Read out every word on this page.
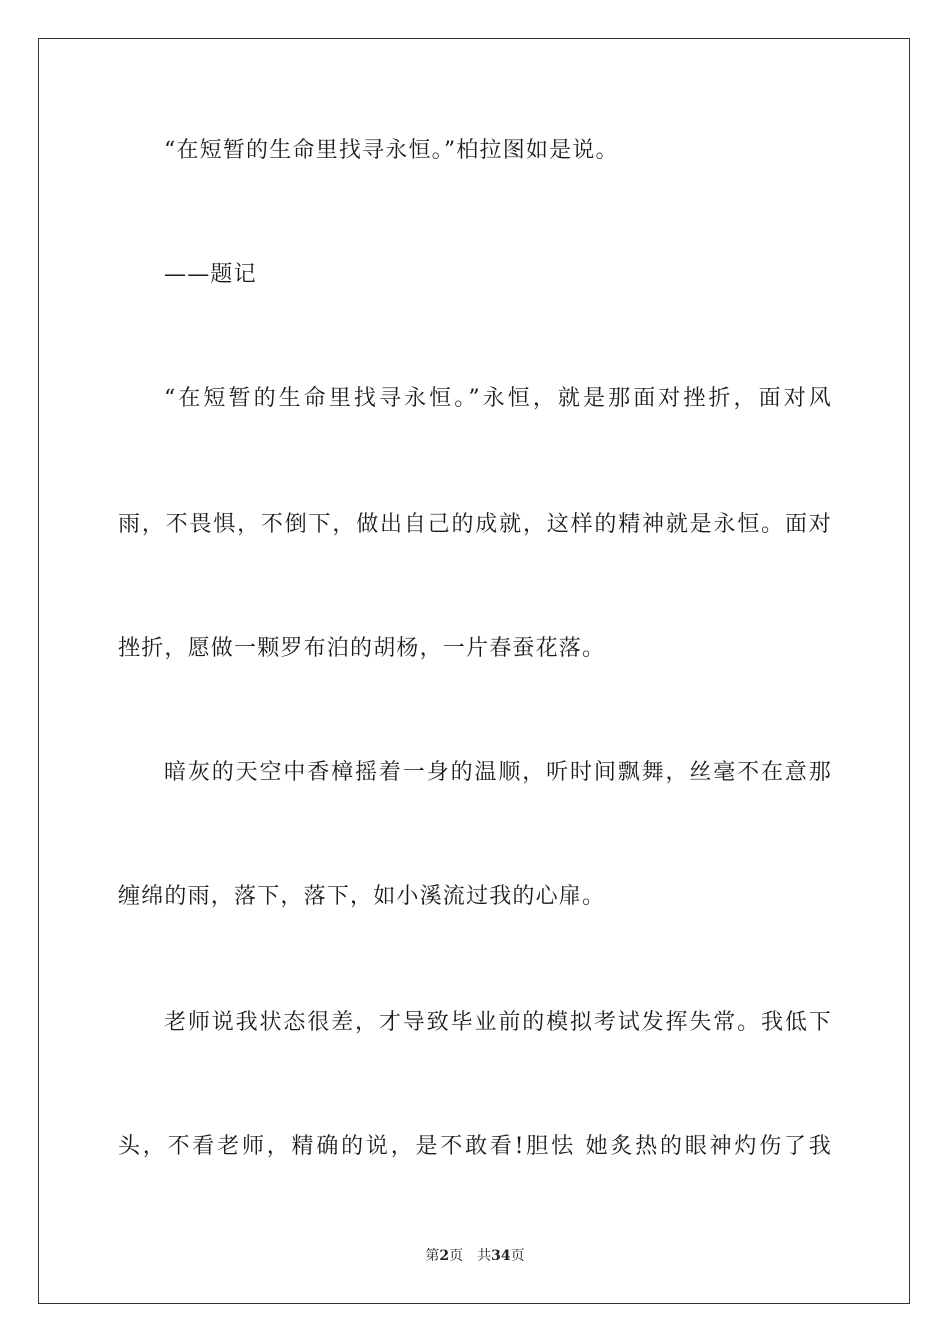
“在短暂的生命里找寻永恒。”柏拉图如是说。
——题记
“在短暂的生命里找寻永恒。”永恒，就是那面对挫折，面对风
雨，不畏惧，不倒下，做出自己的成就，这样的精神就是永恒。面对
挫折，愿做一颗罗布泊的胡杨，一片春蚕花落。
暗灰的天空中香樟摇着一身的温顺，听时间飘舞，丝毫不在意那
缠绵的雨，落下，落下，如小溪流过我的心扉。
老师说我状态很差，才导致毕业前的模拟考试发挥失常。我低下
头，不看老师，精确的说，是不敢看!胆怯 她炙热的眼神灼伤了我
第2页 共34页
